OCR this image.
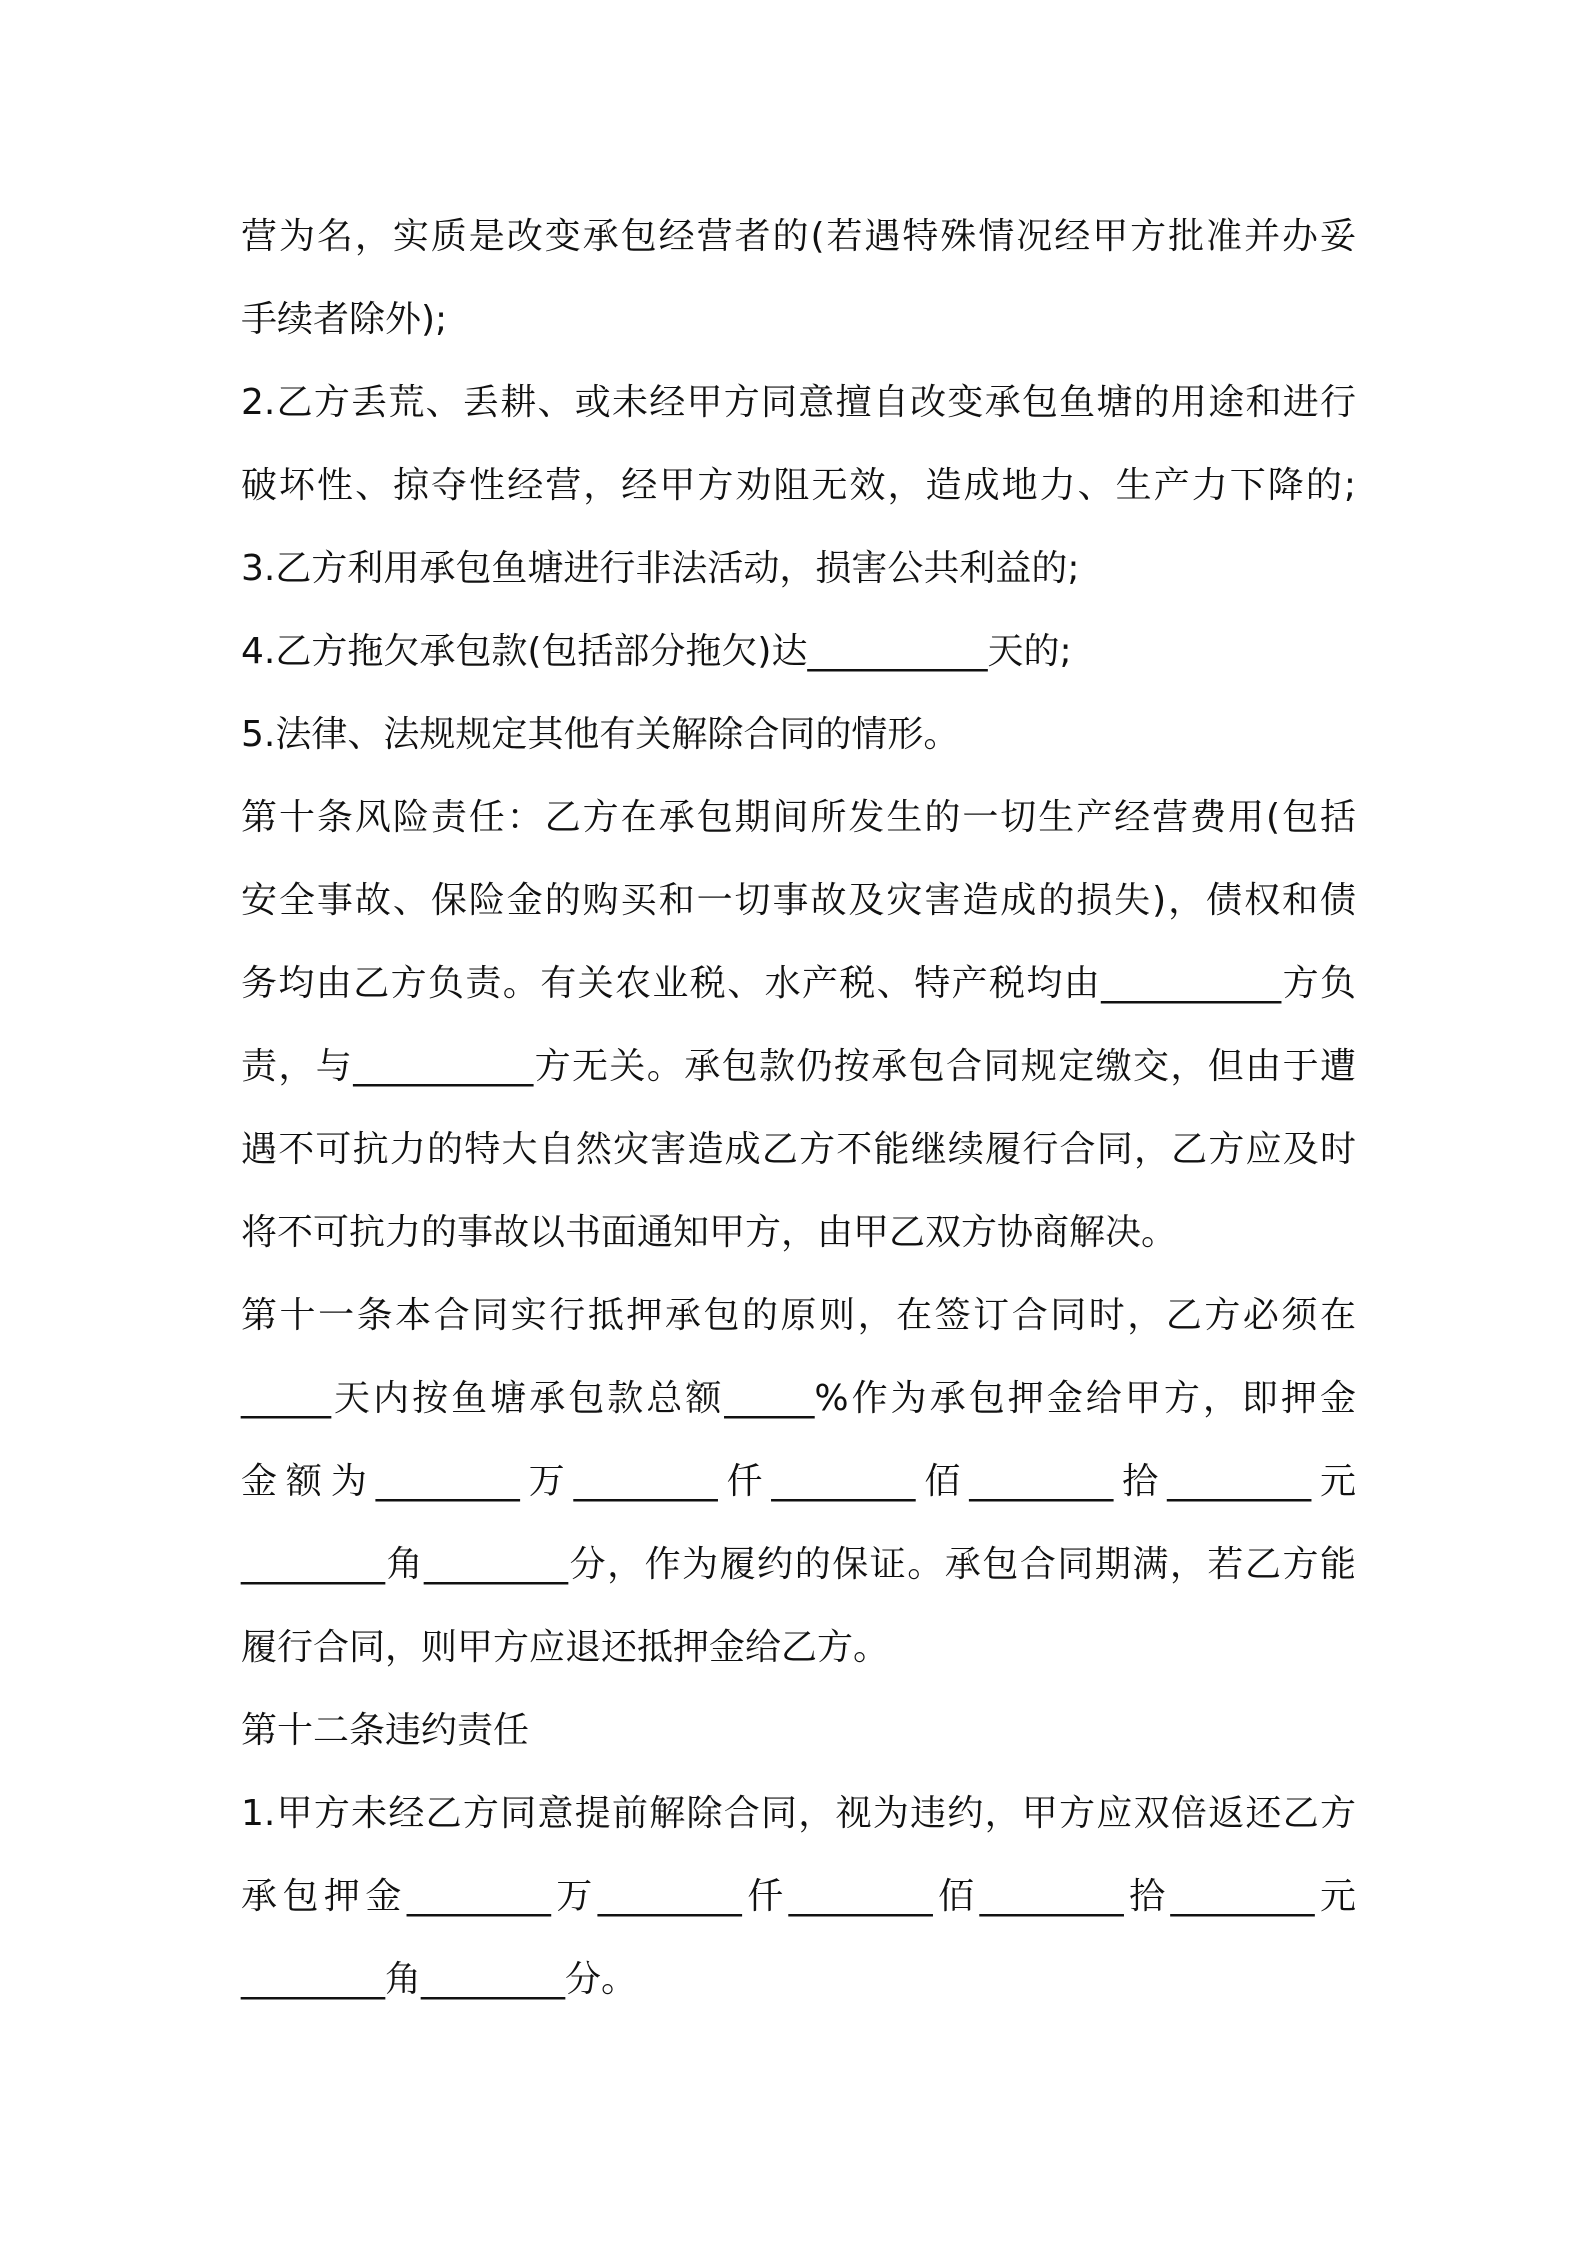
营为名，实质是改变承包经营者的(若遇特殊情况经甲方批准并办妥
手续者除外);
2.乙方丢荒、丢耕、或未经甲方同意擅自改变承包鱼塘的用途和进行
破坏性、掠夺性经营，经甲方劝阻无效，造成地力、生产力下降的;
3.乙方利用承包鱼塘进行非法活动，损害公共利益的;
4.乙方拖欠承包款(包括部分拖欠)达__________天的;
5.法律、法规规定其他有关解除合同的情形。
第十条风险责任：乙方在承包期间所发生的一切生产经营费用(包括
安全事故、保险金的购买和一切事故及灾害造成的损失)，债权和债
务均由乙方负责。有关农业税、水产税、特产税均由__________方负
责，与__________方无关。承包款仍按承包合同规定缴交，但由于遭
遇不可抗力的特大自然灾害造成乙方不能继续履行合同，乙方应及时
将不可抗力的事故以书面通知甲方，由甲乙双方协商解决。
第十一条本合同实行抵押承包的原则，在签订合同时，乙方必须在
_____天内按鱼塘承包款总额_____%作为承包押金给甲方，即押金
金额为________万________仟________佰________拾________元
________角________分，作为履约的保证。承包合同期满，若乙方能
履行合同，则甲方应退还抵押金给乙方。
第十二条违约责任
1.甲方未经乙方同意提前解除合同，视为违约，甲方应双倍返还乙方
承包押金________万________仟________佰________拾________元
________角________分。
